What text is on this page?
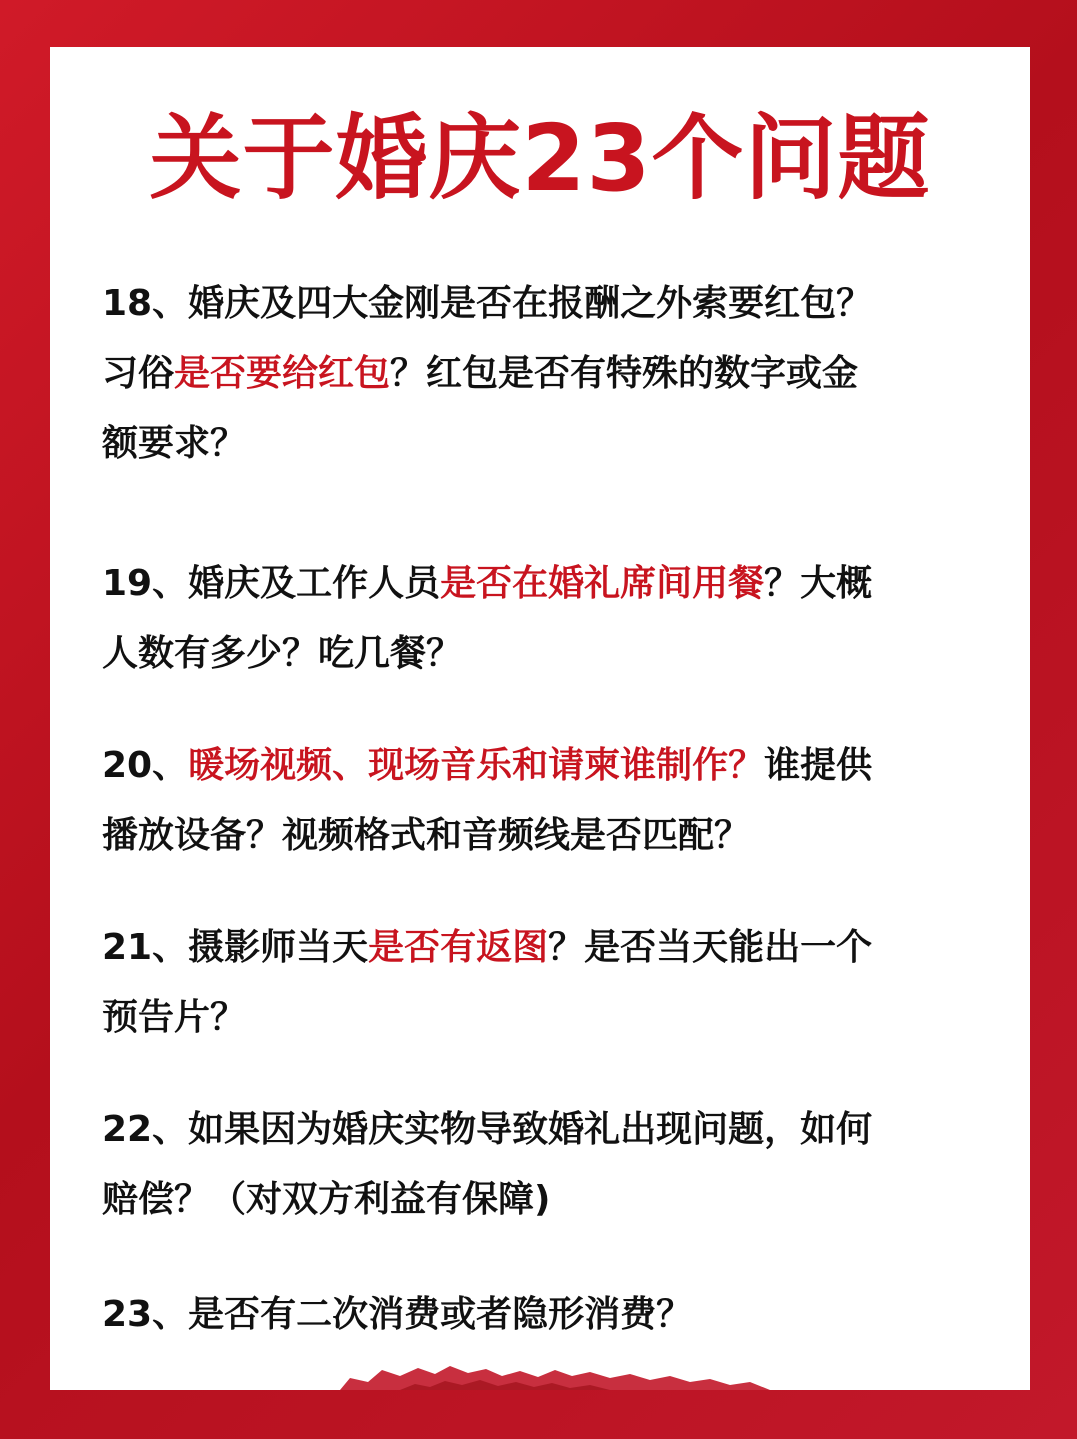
关于婚庆23个问题
18、婚庆及四大金刚是否在报酬之外索要红包？
习俗是否要给红包？红包是否有特殊的数字或金
额要求？
19、婚庆及工作人员是否在婚礼席间用餐？大概
人数有多少？吃几餐？
20、暖场视频、现场音乐和请柬谁制作？谁提供
播放设备？视频格式和音频线是否匹配？
21、摄影师当天是否有返图？是否当天能出一个
预告片？
22、如果因为婚庆实物导致婚礼出现问题，如何
赔偿？（对双方利益有保障)
23、是否有二次消费或者隐形消费？
